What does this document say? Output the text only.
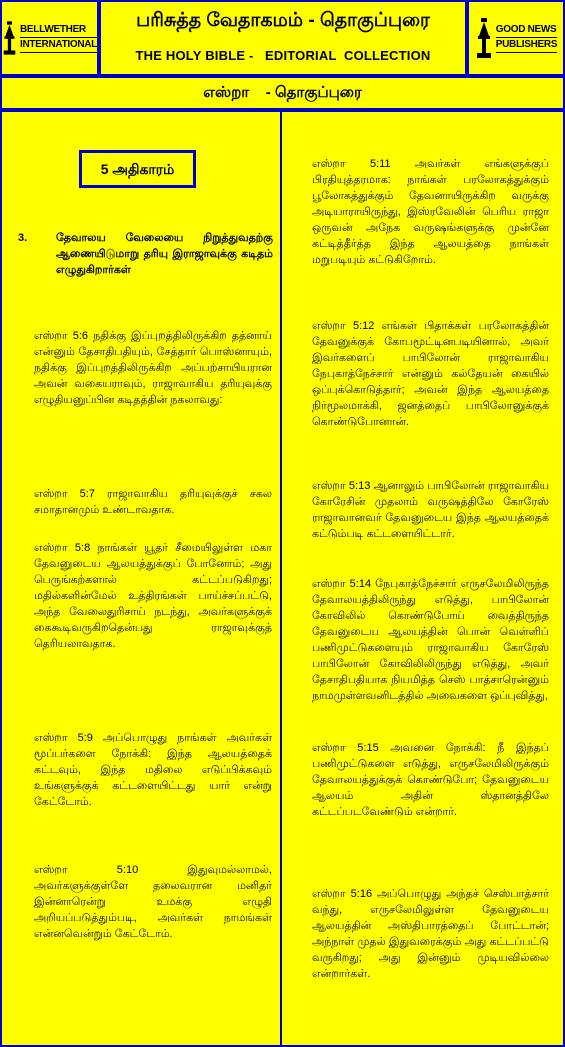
BELLWETHER
INTERNATIONAL
பரிசுத்த வேதாகமம் - தொகுப்புரை
THE HOLY BIBLE -   EDITORIAL  COLLECTION
GOOD NEWS
PUBLISHERS
எஸ்றா    - தொகுப்புரை
5 அதிகாரம்
3.	தேவாலய வேலையை நிறுத்துவதற்கு ஆணையிடுமாறு தரியு இராஜாவுக்கு கடிதம் எழுதுகிறார்கள்

எஸ்றா 5:6 நதிக்கு இப்புறத்திலிருக்கிற தத்னாய் என்னும் தேசாதிபதியும், சேத்தார் பொஸ்னாயும், நதிக்கு இப்புறத்திலிருக்கிற அப்பற்சாயியரான அவன் வகையராவும், ராஜாவாகிய தரியுவுக்கு எழுதியனுப்பின கடிதத்தின் நகலாவது:

எஸ்றா 5:7 ராஜாவாகிய தரியுவுக்குச் சகல சமாதானமும் உண்டாவதாக.

எஸ்றா 5:8 நாங்கள் யூதர் சீமையிலுள்ள மகா தேவனுடைய ஆலயத்துக்குப் போனோம்; அது பெருங்கற்களால் கட்டப்படுகிறது; மதில்களின்மேல் உத்திரங்கள் பாய்ச்சப்பட்டு, அந்த வேலைதுரிசாய் நடந்து, அவர்களுக்குக் கைகூடிவருகிறதென்பது ராஜாவுக்குத் தெரியலாவதாக.

எஸ்றா 5:9 அப்பொழுது நாங்கள் அவர்கள் மூப்பர்களை நோக்கி: இந்த ஆலயத்தைக் கட்டவும், இந்த மதிலை எடுப்பிக்கவும் உங்களுக்குக் கட்டளையிட்டது யார் என்று கேட்டோம்.

எஸ்றா 5:10 இதுவுமல்லாமல், அவர்களுக்குள்ளே தலைவரான மனிதர் இன்னாரென்று உமக்கு எழுதி அறியப்படுத்தும்படி, அவர்கள் நாமங்கள் என்னவென்றும் கேட்டோம்.

எஸ்றா 5:11 அவர்கள் எங்களுக்குப் பிரதியுத்தரமாக: நாங்கள் பரலோகத்துக்கும் பூலோகத்துக்கும் தேவனாயிருக்கிற வருக்கு அடியாராயிருந்து, இஸ்ரவேலின் பெரிய ராஜா ஒருவன் அநேக வருஷங்களுக்கு முன்னே கட்டித்தீர்த்த இந்த ஆலயத்தை நாங்கள் மறுபடியும் கட்டுகிறோம்.

எஸ்றா 5:12 எங்கள் பிதாக்கள் பரலோகத்தின் தேவனுக்குக் கோபமூட்டினபடியினால், அவர் இவர்களைப் பாபிலோன் ராஜாவாகிய நேபுகாத்நேச்சார் என்னும் கல்தேயன் கையில் ஒப்புக்கொடுத்தார்; அவன் இந்த ஆலயத்தை நிர்மூலமாக்கி, ஜனத்தைப் பாபிலோனுக்குக் கொண்டுபோனான்.

எஸ்றா 5:13 ஆனாலும் பாபிலோன் ராஜாவாகிய கோரேசின் முதலாம் வருஷத்திலே கோரேஸ் ராஜாவானவர் தேவனுடைய இந்த ஆலயத்தைக் கட்டும்படி கட்டளையிட்டார்.

எஸ்றா 5:14 நேபுகாத்நேச்சார் எருசலேமிலிருந்த தேவாலயத்திலிருந்து எடுத்து, பாபிலோன் கோவிலில் கொண்டுபோய் வைத்திருந்த தேவனுடைய ஆலயத்தின் பொன் வெள்ளிப் பணிமுட்டுகளையும் ராஜாவாகிய கோரேஸ் பாபிலோன் கோவிலிலிருந்து எடுத்து, அவர் தேசாதிபதியாக நியமித்த செஸ் பாத்சாரென்னும் நாமமுள்ளவனிடத்தில் அவைகளை ஒப்புவித்து,

எஸ்றா 5:15 அவனை நோக்கி: நீ இந்தப் பணிமுட்டுகளை எடுத்து, எருசலேமிலிருக்கும் தேவாலயத்துக்குக் கொண்டுபோ; தேவனுடைய ஆலயம் அதின் ஸ்தானத்திலே கட்டப்படவேண்டும் என்றார்.

எஸ்றா 5:16 அப்பொழுது அந்தச் செஸ்பாத்சார் வந்து, எருசலேமிலுள்ள தேவனுடைய ஆலயத்தின் அஸ்திபாரத்தைப் போட்டான்; அந்நாள் முதல் இதுவரைக்கும் அது கட்டப்பட்டு வருகிறது; அது இன்னும் முடியவில்லை என்றார்கள்.
